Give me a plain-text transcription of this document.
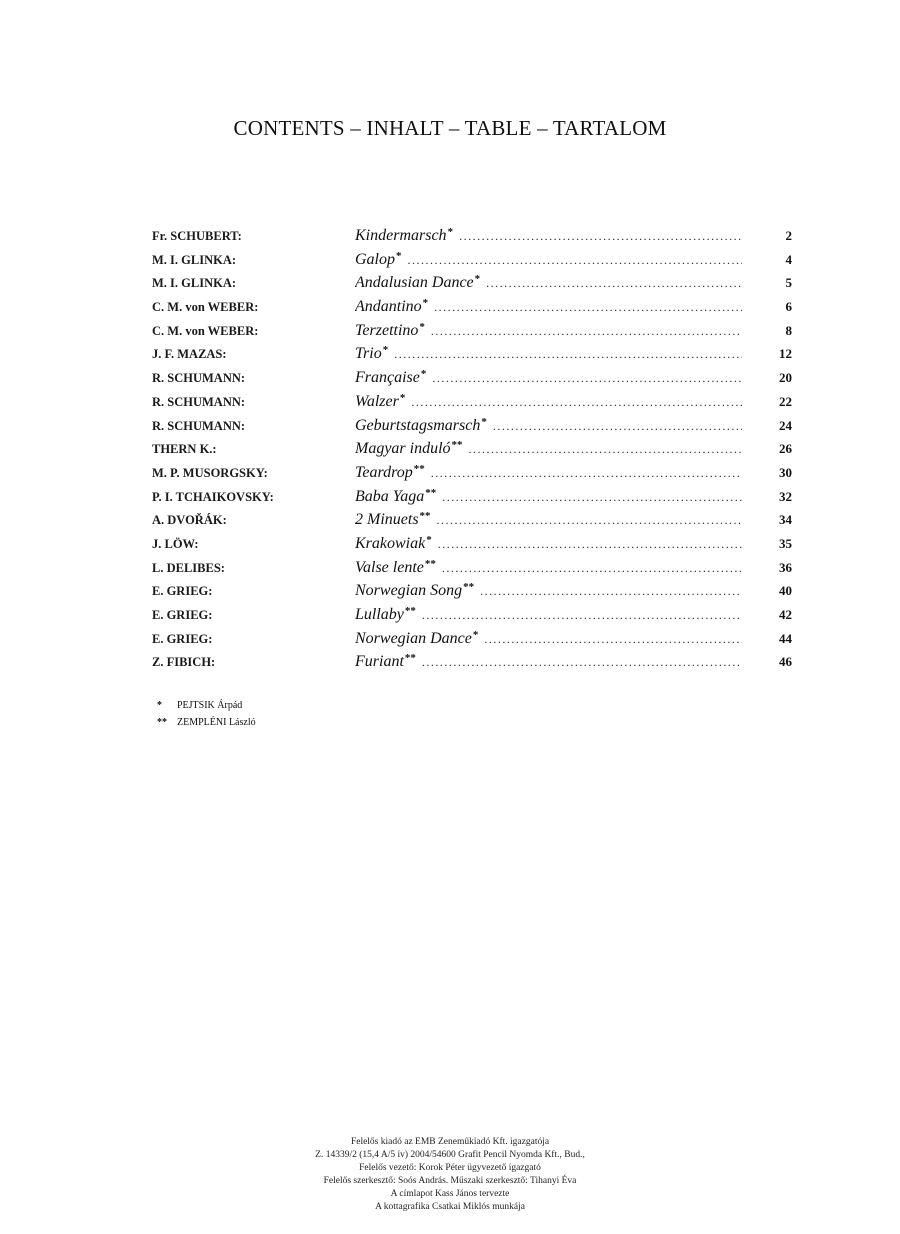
CONTENTS – INHALT – TABLE – TARTALOM
Fr. SCHUBERT:	Kindermarsch * .....	2
M. I. GLINKA:	Galop * .....	4
M. I. GLINKA:	Andalusian Dance * .....	5
C. M. von WEBER:	Andantino * .....	6
C. M. von WEBER:	Terzettino * .....	8
J. F. MAZAS:	Trio * .....	12
R. SCHUMANN:	Française * .....	20
R. SCHUMANN:	Walzer * .....	22
R. SCHUMANN:	Geburtstagsmarsch * .....	24
THERN K.:	Magyar induló ** .....	26
M. P. MUSORGSKY:	Teardrop ** .....	30
P. I. TCHAIKOVSKY:	Baba Yaga ** .....	32
A. DVOŘÁK:	2 Minuets ** .....	34
J. LÖW:	Krakowiak * .....	35
L. DELIBES:	Valse lente ** .....	36
E. GRIEG:	Norwegian Song ** .....	40
E. GRIEG:	Lullaby ** .....	42
E. GRIEG:	Norwegian Dance * .....	44
Z. FIBICH:	Furiant ** .....	46
*	PEJTSIK Árpád
**	ZEMPLÉNI László
Felelős kiadó az EMB Zeneműkiadó Kft. igazgatója
Z. 14339/2 (15,4 A/5 ív) 2004/54600 Grafit Pencil Nyomda Kft., Bud.,
Felelős vezető: Korok Péter ügyvezető igazgató
Felelős szerkesztő: Soós András. Műszaki szerkesztő: Tihanyi Éva
A címlapot Kass János tervezte
A kottagrafika Csatkai Miklós munkája
